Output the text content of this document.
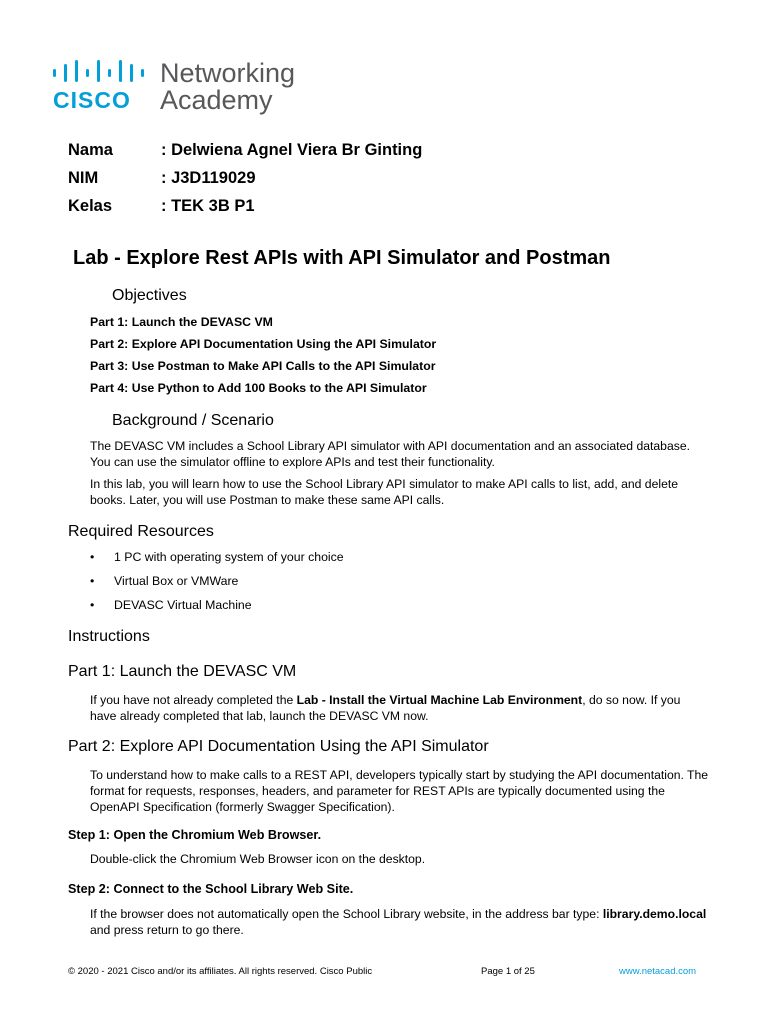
CISCO
Networking
Academy
Nama	: Delwiena Agnel Viera Br Ginting
NIM	: J3D119029
Kelas	: TEK 3B P1
Lab - Explore Rest APIs with API Simulator and Postman
Objectives
Part 1: Launch the DEVASC VM
Part 2: Explore API Documentation Using the API Simulator
Part 3: Use Postman to Make API Calls to the API Simulator
Part 4: Use Python to Add 100 Books to the API Simulator
Background / Scenario
The DEVASC VM includes a School Library API simulator with API documentation and an associated database. You can use the simulator offline to explore APIs and test their functionality.
In this lab, you will learn how to use the School Library API simulator to make API calls to list, add, and delete books. Later, you will use Postman to make these same API calls.
Required Resources
• 1 PC with operating system of your choice
• Virtual Box or VMWare
• DEVASC Virtual Machine
Instructions
Part 1: Launch the DEVASC VM
If you have not already completed the Lab - Install the Virtual Machine Lab Environment, do so now. If you have already completed that lab, launch the DEVASC VM now.
Part 2: Explore API Documentation Using the API Simulator
To understand how to make calls to a REST API, developers typically start by studying the API documentation. The format for requests, responses, headers, and parameter for REST APIs are typically documented using the OpenAPI Specification (formerly Swagger Specification).
Step 1: Open the Chromium Web Browser.
Double-click the Chromium Web Browser icon on the desktop.
Step 2: Connect to the School Library Web Site.
If the browser does not automatically open the School Library website, in the address bar type: library.demo.local and press return to go there.
© 2020 - 2021 Cisco and/or its affiliates. All rights reserved. Cisco Public	Page 1 of 25	www.netacad.com
